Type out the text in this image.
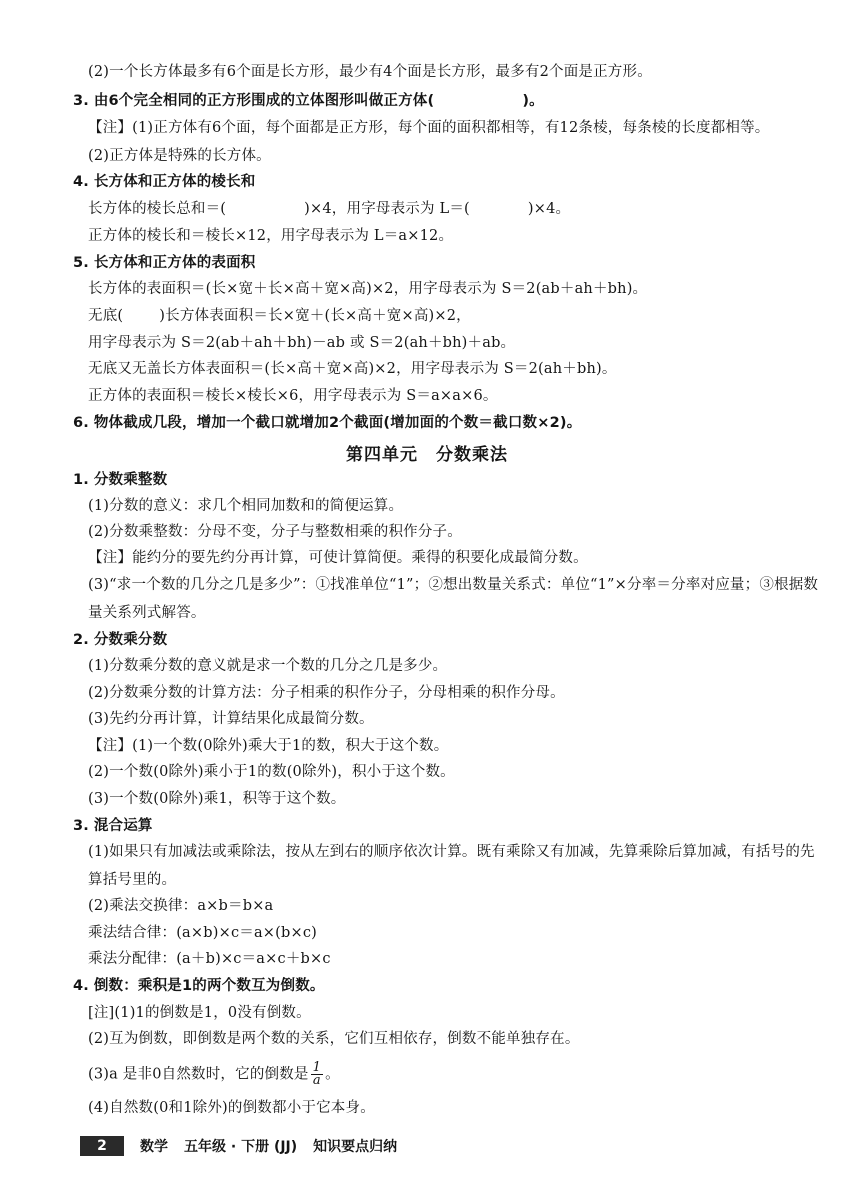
(2)一个长方体最多有6个面是长方形，最少有4个面是长方形，最多有2个面是正方形。
3. 由6个完全相同的正方形围成的立体图形叫做正方体(	)。
【注】(1)正方体有6个面，每个面都是正方形，每个面的面积都相等，有12条棱，每条棱的长度都相等。
(2)正方体是特殊的长方体。
4. 长方体和正方体的棱长和
长方体的棱长总和＝(	)×4，用字母表示为 L＝(	)×4。
正方体的棱长和＝棱长×12，用字母表示为 L＝a×12。
5. 长方体和正方体的表面积
长方体的表面积＝(长×宽＋长×高＋宽×高)×2，用字母表示为 S＝2(ab＋ah＋bh)。
无底( )长方体表面积＝长×宽＋(长×高＋宽×高)×2，
用字母表示为 S＝2(ab＋ah＋bh)－ab 或 S＝2(ah＋bh)＋ab。
无底又无盖长方体表面积＝(长×高＋宽×高)×2，用字母表示为 S＝2(ah＋bh)。
正方体的表面积＝棱长×棱长×6，用字母表示为 S＝a×a×6。
6. 物体截成几段，增加一个截口就增加2个截面(增加面的个数＝截口数×2)。
第四单元　分数乘法
1. 分数乘整数
(1)分数的意义：求几个相同加数和的简便运算。
(2)分数乘整数：分母不变，分子与整数相乘的积作分子。
【注】能约分的要先约分再计算，可使计算简便。乘得的积要化成最简分数。
(3)“求一个数的几分之几是多少”：①找准单位“1”；②想出数量关系式：单位“1”×分率＝分率对应量；③根据数
量关系列式解答。
2. 分数乘分数
(1)分数乘分数的意义就是求一个数的几分之几是多少。
(2)分数乘分数的计算方法：分子相乘的积作分子，分母相乘的积作分母。
(3)先约分再计算，计算结果化成最简分数。
【注】(1)一个数(0除外)乘大于1的数，积大于这个数。
(2)一个数(0除外)乘小于1的数(0除外)，积小于这个数。
(3)一个数(0除外)乘1，积等于这个数。
3. 混合运算
(1)如果只有加减法或乘除法，按从左到右的顺序依次计算。既有乘除又有加减，先算乘除后算加减，有括号的先
算括号里的。
(2)乘法交换律：a×b＝b×a
乘法结合律：(a×b)×c＝a×(b×c)
乘法分配律：(a＋b)×c＝a×c＋b×c
4. 倒数：乘积是1的两个数互为倒数。
[注](1)1的倒数是1，0没有倒数。
(2)互为倒数，即倒数是两个数的关系，它们互相依存，倒数不能单独存在。
(3)a 是非0自然数时，它的倒数是 $\frac{1}{a}$ 。
(4)自然数(0和1除外)的倒数都小于它本身。
2	数学 五年级 · 下册 (JJ) 知识要点归纳
